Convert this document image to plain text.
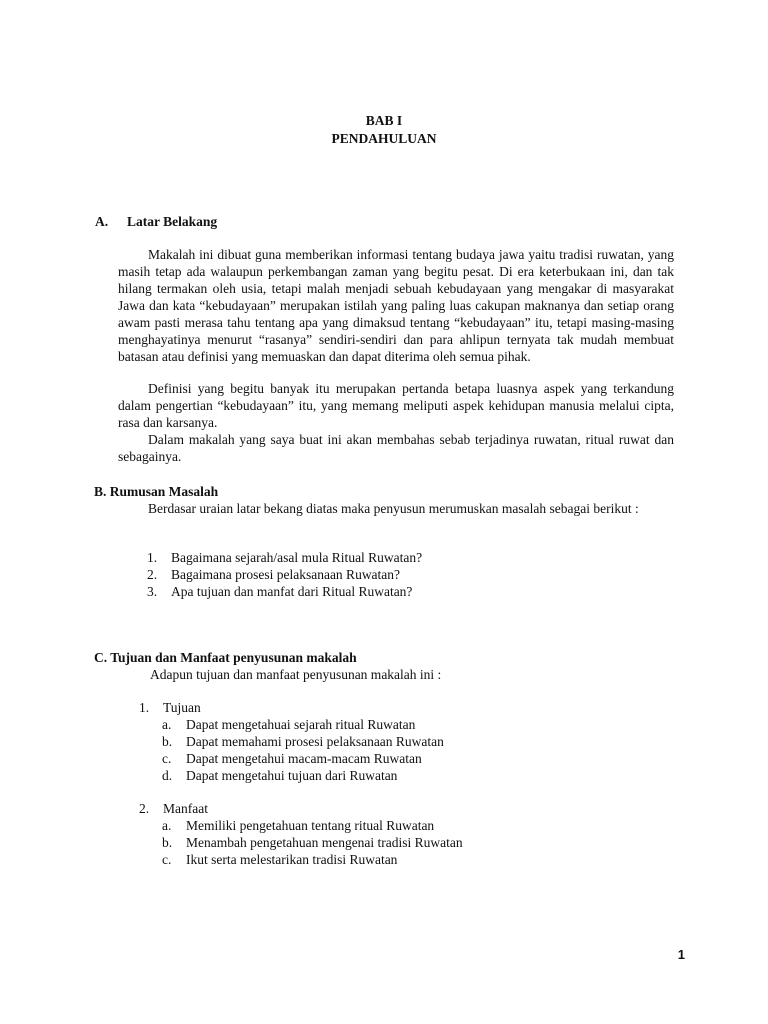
BAB I
PENDAHULUAN
A. Latar Belakang
Makalah ini dibuat guna memberikan informasi tentang budaya jawa yaitu tradisi ruwatan, yang masih tetap ada walaupun perkembangan zaman yang begitu pesat. Di era keterbukaan ini, dan tak hilang termakan oleh usia, tetapi malah menjadi sebuah kebudayaan yang mengakar di masyarakat Jawa dan kata “kebudayaan” merupakan istilah yang paling luas cakupan maknanya dan setiap orang awam pasti merasa tahu tentang apa yang dimaksud tentang “kebudayaan” itu, tetapi masing-masing menghayatinya menurut “rasanya” sendiri-sendiri dan para ahlipun ternyata tak mudah membuat batasan atau definisi yang memuaskan dan dapat diterima oleh semua pihak.
Definisi yang begitu banyak itu merupakan pertanda betapa luasnya aspek yang terkandung dalam pengertian “kebudayaan” itu, yang memang meliputi aspek kehidupan manusia melalui cipta, rasa dan karsanya.
Dalam makalah yang saya buat ini akan membahas sebab terjadinya ruwatan, ritual ruwat dan sebagainya.
B. Rumusan Masalah
Berdasar uraian latar bekang diatas maka penyusun merumuskan masalah sebagai berikut :
1. Bagaimana sejarah/asal mula Ritual Ruwatan?
2. Bagaimana prosesi pelaksanaan Ruwatan?
3. Apa tujuan dan manfat dari Ritual Ruwatan?
C. Tujuan dan Manfaat penyusunan makalah
Adapun tujuan dan manfaat penyusunan makalah ini :
1. Tujuan
a. Dapat mengetahuai sejarah ritual Ruwatan
b. Dapat memahami prosesi pelaksanaan Ruwatan
c. Dapat mengetahui macam-macam Ruwatan
d. Dapat mengetahui tujuan dari Ruwatan
2. Manfaat
a. Memiliki pengetahuan tentang ritual Ruwatan
b. Menambah pengetahuan mengenai tradisi Ruwatan
c. Ikut serta melestarikan tradisi Ruwatan
1
